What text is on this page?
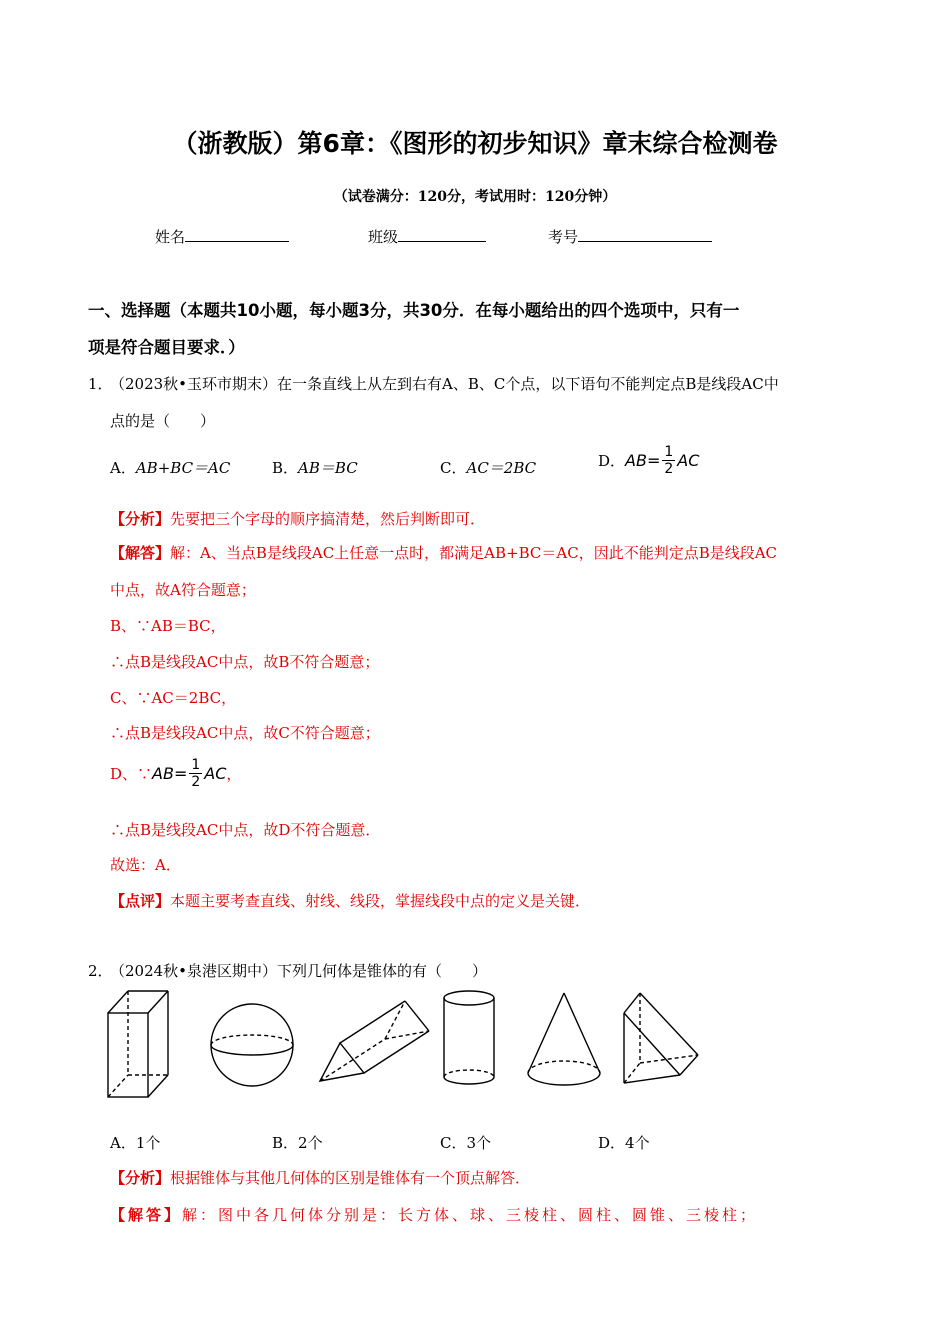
（浙教版）第6章：《图形的初步知识》章末综合检测卷
（试卷满分：120分，考试用时：120分钟）
姓名	班级	考号
一、选择题（本题共10小题，每小题3分，共30分．在每小题给出的四个选项中，只有一
项是符合题目要求．）
1．
（2023秋•玉环市期末）在一条直线上从左到右有A、B、C个点，以下语句不能判定点B是线段AC中
点的是（　　）
A．AB+BC＝AC	B．AB＝BC	C．AC＝2BC	D．$AB= \frac{1}{2}$ AC
【分析】先要把三个字母的顺序搞清楚，然后判断即可．
【解答】解：A、当点B是线段AC上任意一点时，都满足AB+BC＝AC，因此不能判定点B是线段AC
中点，故A符合题意；
B、∵AB＝BC，
∴点B是线段AC中点，故B不符合题意；
C、∵AC＝2BC，
∴点B是线段AC中点，故C不符合题意；
D、∵AB= $\frac{1}{2}$ AC，
∴点B是线段AC中点，故D不符合题意．
故选：A．
【点评】本题主要考查直线、射线、线段，掌握线段中点的定义是关键．
2．
（2024秋•泉港区期中）下列几何体是锥体的有（　　）
A．1个	B．2个	C．3个	D．4个
【分析】根据锥体与其他几何体的区别是锥体有一个顶点解答．
【解答】解：图中各几何体分别是：长方体、球、三棱柱、圆柱、圆锥、三棱柱；
